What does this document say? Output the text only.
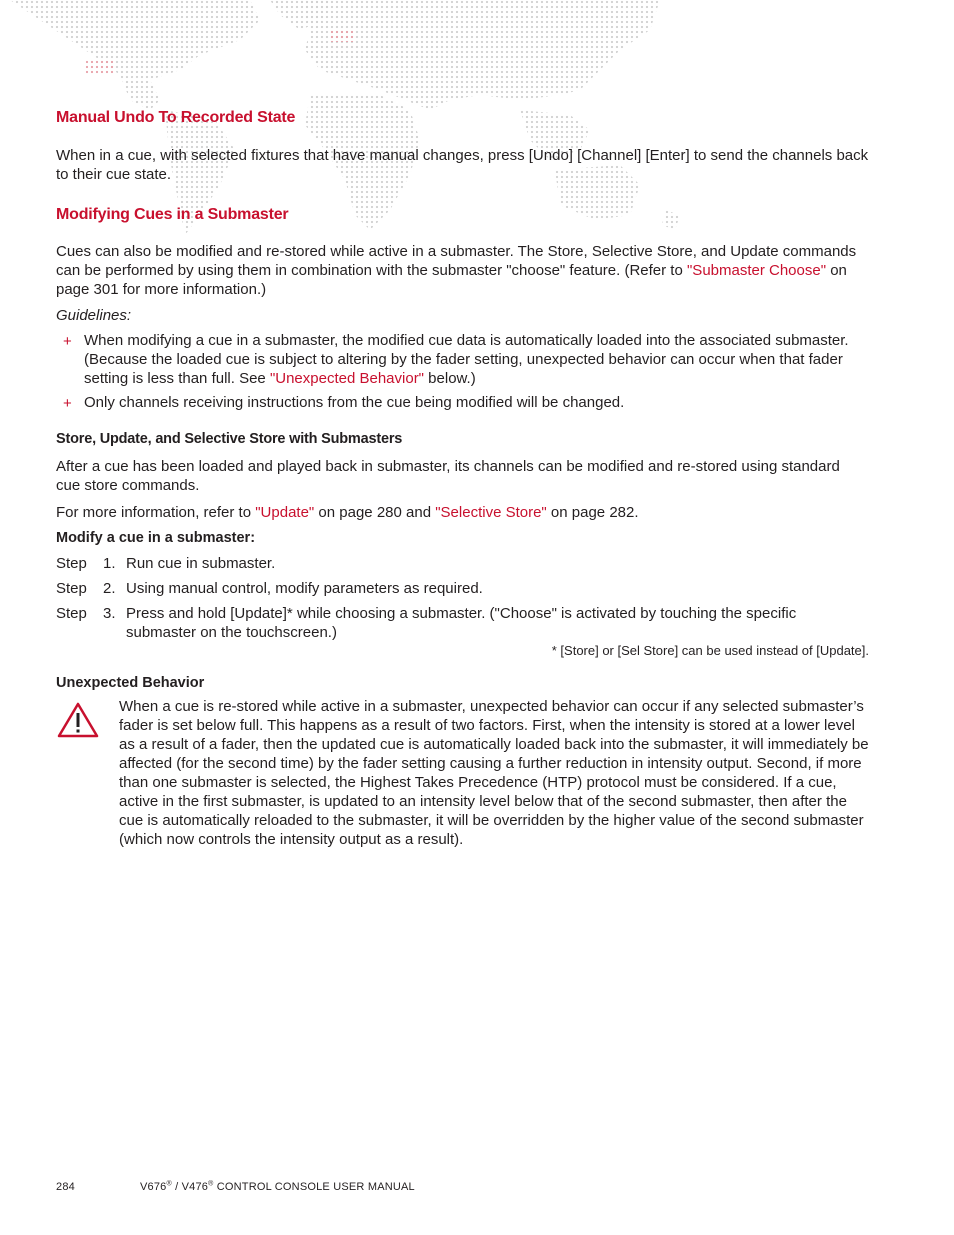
Manual Undo To Recorded State
When in a cue, with selected fixtures that have manual changes, press [Undo] [Channel] [Enter] to send the channels back to their cue state.
Modifying Cues in a Submaster
Cues can also be modified and re-stored while active in a submaster. The Store, Selective Store, and Update commands can be performed by using them in combination with the submaster "choose" feature. (Refer to "Submaster Choose" on page 301 for more information.)
Guidelines:
+ When modifying a cue in a submaster, the modified cue data is automatically loaded into the associated submaster. (Because the loaded cue is subject to altering by the fader setting, unexpected behavior can occur when that fader setting is less than full. See "Unexpected Behavior" below.)
+ Only channels receiving instructions from the cue being modified will be changed.
Store, Update, and Selective Store with Submasters
After a cue has been loaded and played back in submaster, its channels can be modified and re-stored using standard cue store commands.
For more information, refer to "Update" on page 280 and "Selective Store" on page 282.
Modify a cue in a submaster:
Step 1. Run cue in submaster.
Step 2. Using manual control, modify parameters as required.
Step 3. Press and hold [Update]* while choosing a submaster. ("Choose" is activated by touching the specific submaster on the touchscreen.)
* [Store] or [Sel Store] can be used instead of [Update].
Unexpected Behavior
When a cue is re-stored while active in a submaster, unexpected behavior can occur if any selected submaster’s fader is set below full. This happens as a result of two factors. First, when the intensity is stored at a lower level as a result of a fader, then the updated cue is automatically loaded back into the submaster, it will immediately be affected (for the second time) by the fader setting causing a further reduction in intensity output. Second, if more than one submaster is selected, the Highest Takes Precedence (HTP) protocol must be considered. If a cue, active in the first submaster, is updated to an intensity level below that of the second submaster, then after the cue is automatically reloaded to the submaster, it will be overridden by the higher value of the second submaster (which now controls the intensity output as a result).
284	V676® / V476® CONTROL CONSOLE USER MANUAL
